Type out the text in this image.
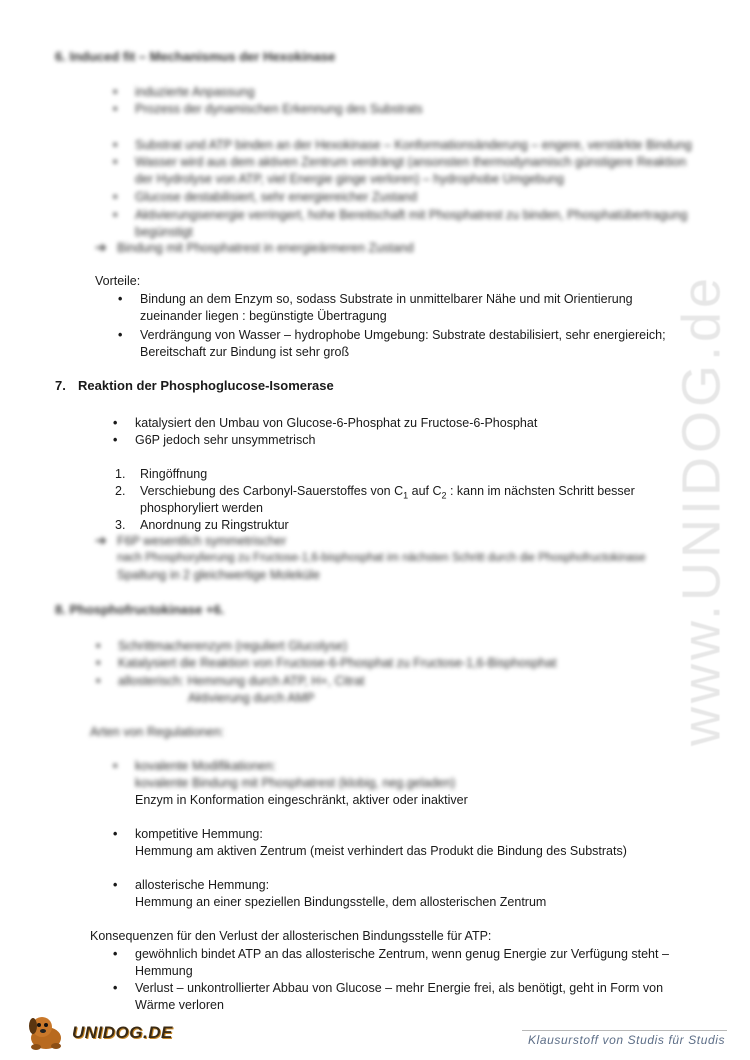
6. Induced fit – Mechanismus der Hexokinase
• induzierte Anpassung
• Prozess der dynamischen Erkennung des Substrats
• Substrat und ATP binden an der Hexokinase – Konformationsänderung – engere, verstärkte Bindung
• Wasser wird aus dem aktiven Zentrum verdrängt (ansonsten thermodynamisch günstigere Reaktion
der Hydrolyse von ATP, viel Energie ginge verloren) – hydrophobe Umgebung
• Glucose destabilisiert, sehr energiereicher Zustand
• Aktivierungsenergie verringert, hohe Bereitschaft mit Phosphatrest zu binden, Phosphatübertragung
begünstigt
➔ Bindung mit Phosphatrest in energieärmeren Zustand
Vorteile:
• Bindung an dem Enzym so, sodass Substrate in unmittelbarer Nähe und mit Orientierung
zueinander liegen : begünstigte Übertragung
• Verdrängung von Wasser – hydrophobe Umgebung: Substrate destabilisiert, sehr energiereich;
Bereitschaft zur Bindung ist sehr groß
7. Reaktion der Phosphoglucose-Isomerase
• katalysiert den Umbau von Glucose-6-Phosphat zu Fructose-6-Phosphat
• G6P jedoch sehr unsymmetrisch
1. Ringöffnung
2. Verschiebung des Carbonyl-Sauerstoffes von $C_1$ auf $C_2$ : kann im nächsten Schritt besser
phosphoryliert werden
3. Anordnung zu Ringstruktur
➔ F6P wesentlich symmetrischer
nach Phosphorylierung zu Fructose-1,6-bisphosphat im nächsten Schritt durch die Phosphofructokinase
Spaltung in 2 gleichwertige Moleküle
8. Phosphofructokinase +6.
• Schrittmacherenzym (reguliert Glucolyse)
• Katalysiert die Reaktion von Fructose-6-Phosphat zu Fructose-1,6-Bisphosphat
• allosterisch: Hemmung durch ATP, H+, Citrat
Aktivierung durch AMP
Arten von Regulationen:
• kovalente Modifikationen:
kovalente Bindung mit Phosphatrest (klobig, neg.geladen)
Enzym in Konformation eingeschränkt, aktiver oder inaktiver
• kompetitive Hemmung:
Hemmung am aktiven Zentrum (meist verhindert das Produkt die Bindung des Substrats)
• allosterische Hemmung:
Hemmung an einer speziellen Bindungsstelle, dem allosterischen Zentrum
Konsequenzen für den Verlust der allosterischen Bindungsstelle für ATP:
• gewöhnlich bindet ATP an das allosterische Zentrum, wenn genug Energie zur Verfügung steht –
Hemmung
• Verlust – unkontrollierter Abbau von Glucose – mehr Energie frei, als benötigt, geht in Form von
Wärme verloren
www.UNIDOG.de
UNIDOG.DE	Klausurstoff von Studis für Studis
